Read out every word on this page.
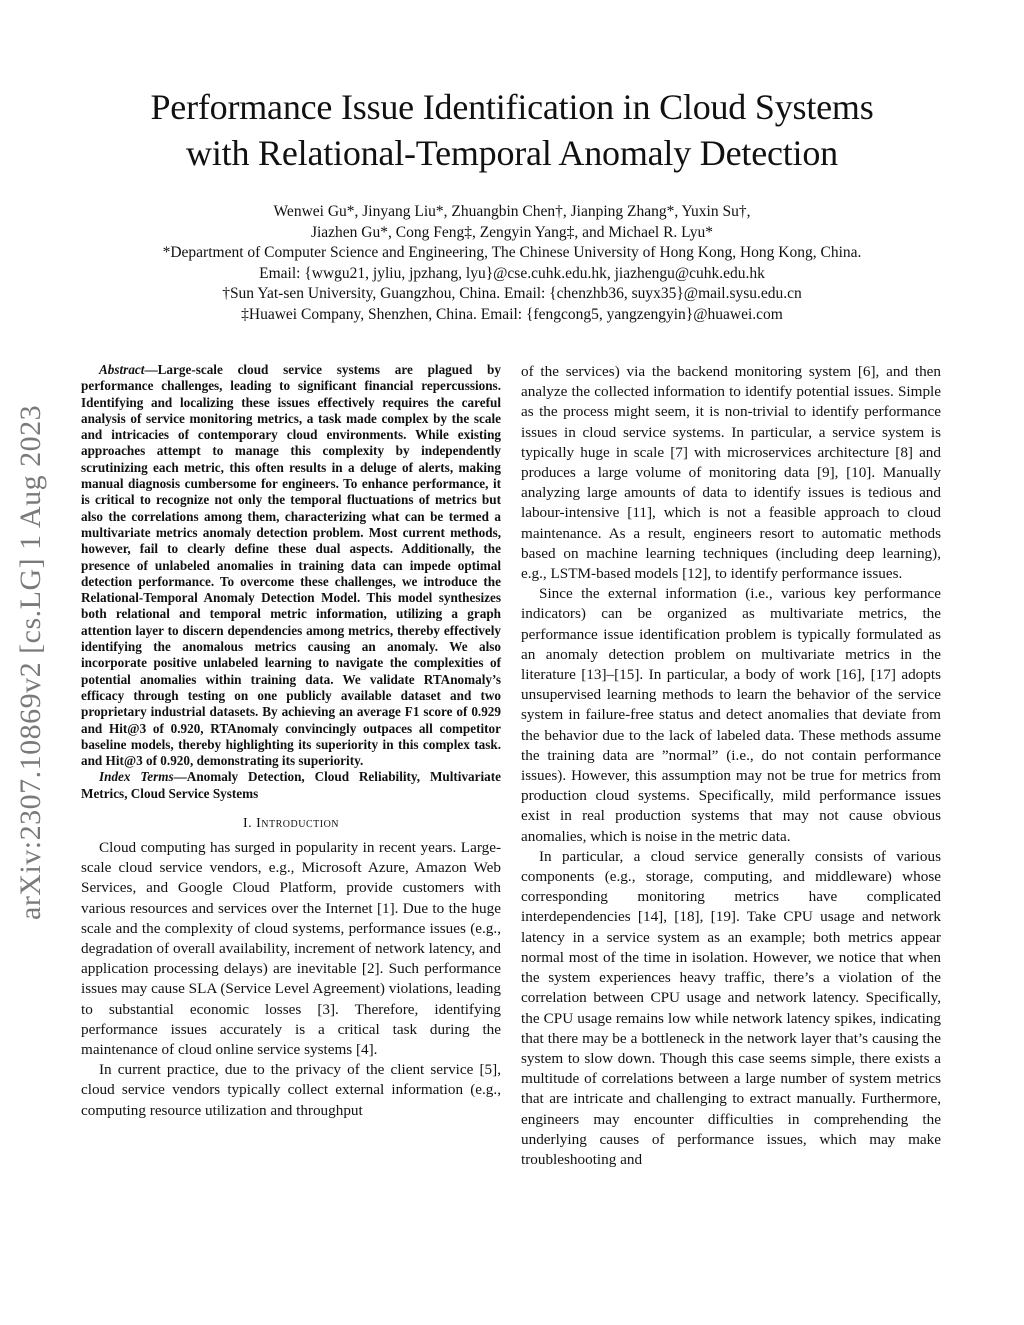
Performance Issue Identification in Cloud Systems
with Relational-Temporal Anomaly Detection
Wenwei Gu*, Jinyang Liu*, Zhuangbin Chen†, Jianping Zhang*, Yuxin Su†,
Jiazhen Gu*, Cong Feng‡, Zengyin Yang‡, and Michael R. Lyu*
*Department of Computer Science and Engineering, The Chinese University of Hong Kong, Hong Kong, China.
Email: {wwgu21, jyliu, jpzhang, lyu}@cse.cuhk.edu.hk, jiazhengu@cuhk.edu.hk
†Sun Yat-sen University, Guangzhou, China. Email: {chenzhb36, suyx35}@mail.sysu.edu.cn
‡Huawei Company, Shenzhen, China. Email: {fengcong5, yangzengyin}@huawei.com
arXiv:2307.10869v2 [cs.LG] 1 Aug 2023

Abstract—Large-scale cloud service systems are plagued by performance challenges, leading to significant financial repercussions. Identifying and localizing these issues effectively requires the careful analysis of service monitoring metrics, a task made complex by the scale and intricacies of contemporary cloud environments. While existing approaches attempt to manage this complexity by independently scrutinizing each metric, this often results in a deluge of alerts, making manual diagnosis cumbersome for engineers. To enhance performance, it is critical to recognize not only the temporal fluctuations of metrics but also the correlations among them, characterizing what can be termed a multivariate metrics anomaly detection problem. Most current methods, however, fail to clearly define these dual aspects. Additionally, the presence of unlabeled anomalies in training data can impede optimal detection performance. To overcome these challenges, we introduce the Relational-Temporal Anomaly Detection Model. This model synthesizes both relational and temporal metric information, utilizing a graph attention layer to discern dependencies among metrics, thereby effectively identifying the anomalous metrics causing an anomaly. We also incorporate positive unlabeled learning to navigate the complexities of potential anomalies within training data. We validate RTAnomaly’s efficacy through testing on one publicly available dataset and two proprietary industrial datasets. By achieving an average F1 score of 0.929 and Hit@3 of 0.920, RTAnomaly convincingly outpaces all competitor baseline models, thereby highlighting its superiority in this complex task. and Hit@3 of 0.920, demonstrating its superiority.

Index Terms—Anomaly Detection, Cloud Reliability, Multivariate Metrics, Cloud Service Systems

I. Introduction

Cloud computing has surged in popularity in recent years. Large-scale cloud service vendors, e.g., Microsoft Azure, Amazon Web Services, and Google Cloud Platform, provide customers with various resources and services over the Internet [1]. Due to the huge scale and the complexity of cloud systems, performance issues (e.g., degradation of overall availability, increment of network latency, and application processing delays) are inevitable [2]. Such performance issues may cause SLA (Service Level Agreement) violations, leading to substantial economic losses [3]. Therefore, identifying performance issues accurately is a critical task during the maintenance of cloud online service systems [4].

In current practice, due to the privacy of the client service [5], cloud service vendors typically collect external information (e.g., computing resource utilization and throughput

of the services) via the backend monitoring system [6], and then analyze the collected information to identify potential issues. Simple as the process might seem, it is non-trivial to identify performance issues in cloud service systems. In particular, a service system is typically huge in scale [7] with microservices architecture [8] and produces a large volume of monitoring data [9], [10]. Manually analyzing large amounts of data to identify issues is tedious and labour-intensive [11], which is not a feasible approach to cloud maintenance. As a result, engineers resort to automatic methods based on machine learning techniques (including deep learning), e.g., LSTM-based models [12], to identify performance issues.

Since the external information (i.e., various key performance indicators) can be organized as multivariate metrics, the performance issue identification problem is typically formulated as an anomaly detection problem on multivariate metrics in the literature [13]–[15]. In particular, a body of work [16], [17] adopts unsupervised learning methods to learn the behavior of the service system in failure-free status and detect anomalies that deviate from the behavior due to the lack of labeled data. These methods assume the training data are ”normal” (i.e., do not contain performance issues). However, this assumption may not be true for metrics from production cloud systems. Specifically, mild performance issues exist in real production systems that may not cause obvious anomalies, which is noise in the metric data.

In particular, a cloud service generally consists of various components (e.g., storage, computing, and middleware) whose corresponding monitoring metrics have complicated interdependencies [14], [18], [19]. Take CPU usage and network latency in a service system as an example; both metrics appear normal most of the time in isolation. However, we notice that when the system experiences heavy traffic, there’s a violation of the correlation between CPU usage and network latency. Specifically, the CPU usage remains low while network latency spikes, indicating that there may be a bottleneck in the network layer that’s causing the system to slow down. Though this case seems simple, there exists a multitude of correlations between a large number of system metrics that are intricate and challenging to extract manually. Furthermore, engineers may encounter difficulties in comprehending the underlying causes of performance issues, which may make troubleshooting and
